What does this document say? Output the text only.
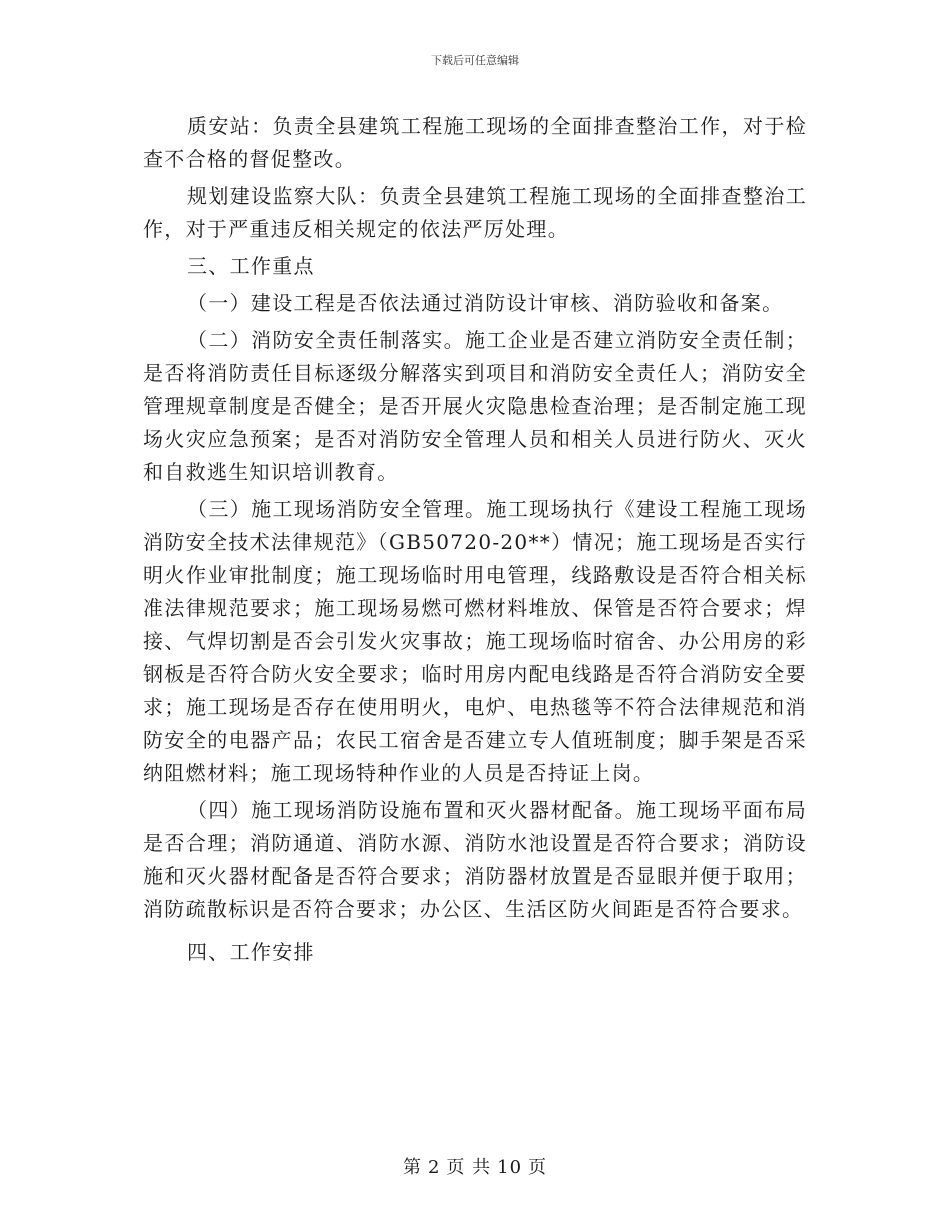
下载后可任意编辑

质安站：负责全县建筑工程施工现场的全面排查整治工作，对于检查不合格的督促整改。

规划建设监察大队：负责全县建筑工程施工现场的全面排查整治工作，对于严重违反相关规定的依法严厉处理。

三、工作重点

（一）建设工程是否依法通过消防设计审核、消防验收和备案。

（二）消防安全责任制落实。施工企业是否建立消防安全责任制；是否将消防责任目标逐级分解落实到项目和消防安全责任人；消防安全管理规章制度是否健全；是否开展火灾隐患检查治理；是否制定施工现场火灾应急预案；是否对消防安全管理人员和相关人员进行防火、灭火和自救逃生知识培训教育。

（三）施工现场消防安全管理。施工现场执行《建设工程施工现场消防安全技术法律规范》（GB50720-20**）情况；施工现场是否实行明火作业审批制度；施工现场临时用电管理，线路敷设是否符合相关标准法律规范要求；施工现场易燃可燃材料堆放、保管是否符合要求；焊接、气焊切割是否会引发火灾事故；施工现场临时宿舍、办公用房的彩钢板是否符合防火安全要求；临时用房内配电线路是否符合消防安全要求；施工现场是否存在使用明火，电炉、电热毯等不符合法律规范和消防安全的电器产品；农民工宿舍是否建立专人值班制度；脚手架是否采纳阻燃材料；施工现场特种作业的人员是否持证上岗。

（四）施工现场消防设施布置和灭火器材配备。施工现场平面布局是否合理；消防通道、消防水源、消防水池设置是否符合要求；消防设施和灭火器材配备是否符合要求；消防器材放置是否显眼并便于取用；消防疏散标识是否符合要求；办公区、生活区防火间距是否符合要求。

四、工作安排

第 2 页 共 10 页
